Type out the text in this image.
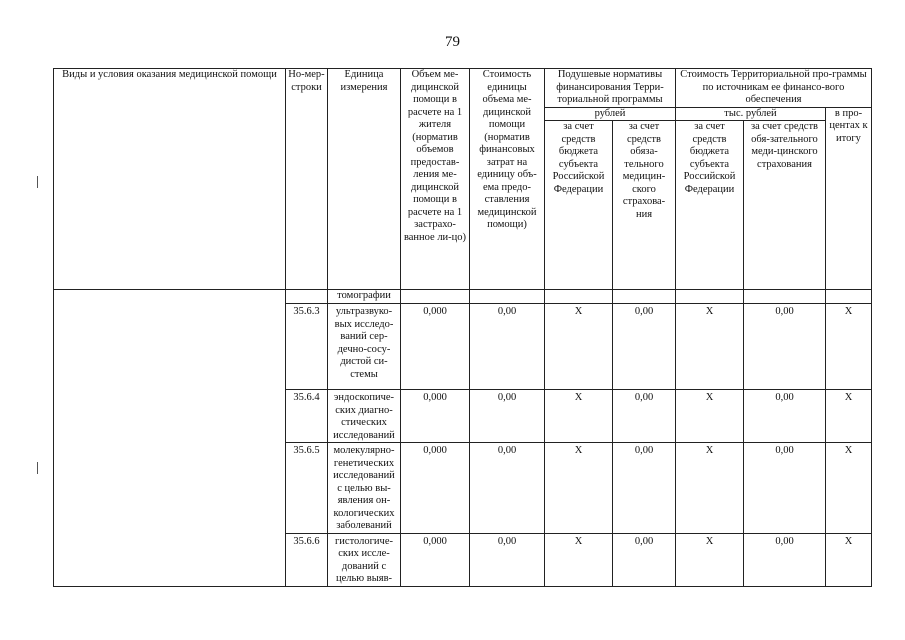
79
Виды и условия оказания медицинской помощи	Но-мер-строки	Единица измерения	Объем ме-дицинской помощи в расчете на 1 жителя (норматив объемов предостав-ления ме-дицинской помощи в расчете на 1 застрахо-ванное ли-цо)	Стоимость единицы объема ме-дицинской помощи (норматив финансовых затрат на единицу объ-ема предо-ставления медицинской помощи)	Подушевые нормативы финансирования Терри-ториальной программы		Стоимость Территориальной про-граммы по источникам ее финансо-вого обеспечения		
					рублей		тыс. рублей		в про-центах к итогу
					за счет средств бюджета субъекта Российской Федерации	за счет средств обяза-тельного медицин-ского страхова-ния	за счет средств бюджета субъекта Российской Федерации	за счет средств обя-зательного меди-цинского страхования	
		томографии							
	35.6.3	ультразвуко-вых исследо-ваний сер-дечно-сосу-дистой си-стемы	0,000	0,00	X	0,00	X	0,00	X
	35.6.4	эндоскопиче-ских диагно-стических исследований	0,000	0,00	X	0,00	X	0,00	X
	35.6.5	молекулярно-генетических исследований с целью вы-явления он-кологических заболеваний	0,000	0,00	X	0,00	X	0,00	X
	35.6.6	гистологиче-ских иссле-дований с целью выяв-	0,000	0,00	X	0,00	X	0,00	X
